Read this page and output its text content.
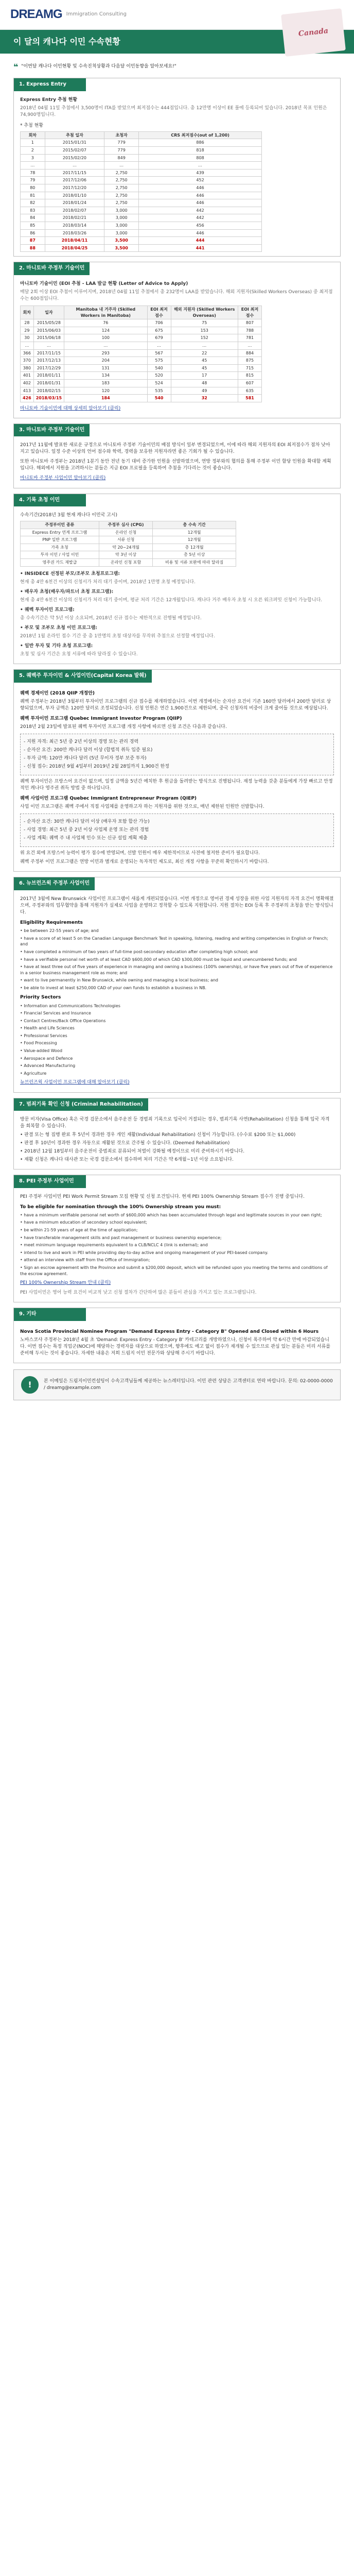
DREAMG Immigration Consulting
이 달의 캐나다 이민 수속현황
Canada
❝ "이번달 캐나다 이민현황 및 수속진척상황과 다음달 이민동향을 알아보세요!"
1. Express Entry

Express Entry 추첨 현황

2018년 04월 11일 추첨에서 3,500명이 ITA를 받았으며 최저점수는 444점입니다. 총 12만명 이상이 EE 풀에 등록되어 있습니다. 2018년 목표 인원은 74,900명입니다.

* 추첨 현황

회차	추첨 일자	초청자	CRS 최저점수(out of 1,200)
1	2015/01/31	779	886
2	2015/02/07	779	818
3	2015/02/20	849	808
…	…	…	…
78	2017/11/15	2,750	439
79	2017/12/06	2,750	452
80	2017/12/20	2,750	446
81	2018/01/10	2,750	446
82	2018/01/24	2,750	446
83	2018/02/07	3,000	442
84	2018/02/21	3,000	442
85	2018/03/14	3,000	456
86	2018/03/26	3,000	446
87	2018/04/11	3,500	444
88	2018/04/25	3,500	441
2. 마니토바 주정부 기술이민

마니토바 기술이민 (EOI 추첨 - LAA 발급 현황 (Letter of Advice to Apply)

매달 2회 이상 EOI 추첨이 이루어지며, 2018년 04월 11일 추첨에서 총 232명이 LAA를 받았습니다. 해외 지원자(Skilled Workers Overseas) 중 최저점수는 600점입니다.

회차	일자	Manitoba 내 거주자 (Skilled Workers in Manitoba)	EOI 최저점수	해외 지원자 (Skilled Workers Overseas)	EOI 최저점수
28	2015/05/28	76	706	75	807
29	2015/06/03	124	675	153	788
30	2015/06/18	100	679	152	781
…	…	…	…	…	…
366	2017/11/15	293	567	22	884
370	2017/12/13	204	575	45	875
380	2017/12/29	131	540	45	715
401	2018/01/11	134	520	17	815
402	2018/01/31	183	524	48	607
413	2018/02/15	120	535	49	635
426	2018/03/15	184	540	32	581

마니토바 기술이민에 대해 상세히 알아보기 (클릭)

3. 마니토바 주정부 기술이민

2017년 11월에 발표한 새로운 규정으로 마니토바 주정부 기술이민의 배점 방식이 일부 변경되었으며, 이에 따라 해외 지원자의 EOI 최저점수가 점차 낮아지고 있습니다. 일정 수준 이상의 언어 점수와 학력, 경력을 보유한 지원자라면 좋은 기회가 될 수 있습니다.

또한 마니토바 주정부는 2018년 1분기 동안 전년 동기 대비 증가한 인원을 선발하였으며, 연방 정부와의 협의를 통해 주정부 이민 할당 인원을 확대할 계획입니다. 해외에서 지원을 고려하시는 분들은 지금 EOI 프로필을 등록하여 추첨을 기다리는 것이 좋습니다.

마니토바 주정부 사업이민 알아보기 (클릭)

4. 기록 초청 이민

수속기간(2018년 3월 현재 캐나다 이민국 고시)

주정부이민 종류	주정부 심사 (CPG)	총 수속 기간
Express Entry 연계 프로그램	온라인 신청	12개월
PNP 일반 프로그램	서류 신청	12개월
가족 초청	약 20~24개월	총 12개월
투자 이민 / 사업 이민	약 3년 이상	총 5년 이상
영주권 카드 재발급	온라인 신청 포함	비용 및 서류 보완에 따라 달라짐

• INSIDECE 선정된 부모/조부모 초청프로그램:

현재 총 4만 6천건 이상의 신청서가 처리 대기 중이며, 2018년 1만명 초청 예정입니다.

• 배우자 초청(배우자/파트너 초청 프로그램):

현재 총 4만 6천건 이상의 신청서가 처리 대기 중이며, 평균 처리 기간은 12개월입니다. 캐나다 거주 배우자 초청 시 오픈 워크퍼밋 신청이 가능합니다.

• 퀘벡 투자이민 프로그램:

총 수속기간은 약 5년 이상 소요되며, 2018년 신규 접수는 제한적으로 진행될 예정입니다.

• 부모 및 조부모 초청 이민 프로그램:

2018년 1월 온라인 접수 기간 중 총 1만명의 초청 대상자를 무작위 추첨으로 선정할 예정입니다.

• 일반 투자 및 기타 초청 프로그램:

초청 및 심사 기간은 요청 서류에 따라 달라질 수 있습니다.

5. 퀘벡주 투자이민 & 사업이민(Capital Korea 발췌)
퀘벡 경제이민 (2018 QIIP 개정안)

퀘벡 주정부는 2018년 3월부터 투자이민 프로그램의 신규 접수를 재개하였습니다. 이번 개정에서는 순자산 요건이 기존 160만 달러에서 200만 달러로 상향되었으며, 투자 금액은 120만 달러로 조정되었습니다. 신청 인원은 연간 1,900건으로 제한되며, 중국 신청자의 비중이 크게 줄어들 것으로 예상됩니다.

퀘벡 투자이민 프로그램 Quebec Immigrant Investor Program (QIIP)

2018년 2월 23일에 발표된 퀘벡 투자이민 프로그램 개정 사항에 따르면 신청 조건은 다음과 같습니다.

- 지원 자격: 최근 5년 중 2년 이상의 경영 또는 관리 경력

- 순자산 요건: 200만 캐나다 달러 이상 (합법적 취득 입증 필요)

- 투자 금액: 120만 캐나다 달러 (5년 무이자 정부 보증 투자)

- 신청 접수: 2018년 9월 4일부터 2019년 2월 28일까지 1,900건 한정

퀘벡 투자이민은 프랑스어 요건이 없으며, 일정 금액을 5년간 예치한 후 원금을 돌려받는 방식으로 진행됩니다. 재정 능력을 갖춘 분들에게 가장 빠르고 안정적인 캐나다 영주권 취득 방법 중 하나입니다.

퀘벡 사업이민 프로그램 Quebec Immigrant Entrepreneur Program (QIEP)

사업 이민 프로그램은 퀘벡 주에서 직접 사업체를 운영하고자 하는 지원자를 위한 것으로, 매년 제한된 인원만 선발합니다.

- 순자산 요건: 30만 캐나다 달러 이상 (배우자 포함 합산 가능)

- 사업 경영: 최근 5년 중 2년 이상 사업체 운영 또는 관리 경험

- 사업 계획: 퀘벡 주 내 사업체 인수 또는 신규 설립 계획 제출

위 요건 외에 프랑스어 능력이 평가 점수에 반영되며, 선발 인원이 매우 제한적이므로 사전에 철저한 준비가 필요합니다.

퀘벡 주정부 이민 프로그램은 연방 이민과 별개로 운영되는 독자적인 제도로, 최신 개정 사항을 꾸준히 확인하시기 바랍니다.

6. 뉴브런즈윅 주정부 사업이민

2017년 3월에 New Brunswick 사업이민 프로그램이 새롭게 개편되었습니다. 이번 개정으로 영어권 경제 성장을 위한 사업 지원자의 자격 요건이 명확해졌으며, 주정부와의 업무협약을 통해 지원자가 실제로 사업을 운영하고 정착할 수 있도록 지원합니다. 지원 절차는 EOI 등록 후 주정부의 초청을 받는 방식입니다.

Eligibility Requirements

• be between 22-55 years of age; and

• have a score of at least 5 on the Canadian Language Benchmark Test in speaking, listening, reading and writing competencies in English or French; and

• have completed a minimum of two years of full-time post-secondary education after completing high school; and

• have a verifiable personal net worth of at least CAD $600,000 of which CAD $300,000 must be liquid and unencumbered funds; and

• have at least three out of five years of experience in managing and owning a business (100% ownership), or have five years out of five of experience in a senior business management role as more; and

• want to live permanently in New Brunswick, while owning and managing a local business; and

• be able to invest at least $250,000 CAD of your own funds to establish a business in NB.

Priority Sectors

• Information and Communications Technologies

• Financial Services and Insurance

• Contact Centres/Back Office Operations

• Health and Life Sciences

• Professional Services

• Food Processing

• Value-added Wood

• Aerospace and Defence

• Advanced Manufacturing

• Agriculture

뉴브런즈윅 사업이민 프로그램에 대해 알아보기 (클릭)

7. 범죄기록 확인 신청 (Criminal Rehabilitation)

방문 비자(Visa Office) 혹은 국경 검문소에서 음주운전 등 경범죄 기록으로 입국이 거절되는 경우, 범죄기록 사면(Rehabilitation) 신청을 통해 입국 자격을 회복할 수 있습니다.

• 판결 또는 형 집행 완료 후 5년이 경과한 경우 개인 재활(Individual Rehabilitation) 신청이 가능합니다. (수수료 $200 또는 $1,000)

• 판결 후 10년이 경과한 경우 자동으로 재활된 것으로 간주될 수 있습니다. (Deemed Rehabilitation)

• 2018년 12월 18일부터 음주운전이 중범죄로 분류되어 처벌이 강화될 예정이므로 미리 준비하시기 바랍니다.

• 재활 신청은 캐나다 대사관 또는 국경 검문소에서 접수하며 처리 기간은 약 6개월~1년 이상 소요됩니다.

8. PEI 주정부 사업이민

PEI 주정부 사업이민 PEI Work Permit Stream 모집 현황 및 신청 조건입니다. 현재 PEI 100% Ownership Stream 접수가 진행 중입니다.

To be eligible for nomination through the 100% Ownership stream you must:

• have a minimum verifiable personal net worth of $600,000 which has been accumulated through legal and legitimate sources in your own right;

• have a minimum education of secondary school equivalent;

• be within 21-59 years of age at the time of application;

• have transferable management skills and past management or business ownership experience;

• meet minimum language requirements equivalent to a CLB/NCLC 4 (link is external); and

• intend to live and work in PEI while providing day-to-day active and ongoing management of your PEI-based company.

• attend an interview with staff from the Office of Immigration;

• Sign an escrow agreement with the Province and submit a $200,000 deposit, which will be refunded upon you meeting the terms and conditions of the escrow agreement.

PEI 100% Ownership Stream 안내 (클릭)

PEI 사업이민은 영어 능력 요건이 비교적 낮고 신청 절차가 간단하여 많은 분들이 관심을 가지고 있는 프로그램입니다.

9. 기타
Nova Scotia Provincial Nominee Program "Demand Express Entry - Category B" Opened and Closed within 6 Hours

노바스코샤 주정부는 2018년 4월 초 'Demand: Express Entry - Category B' 카테고리를 개방하였으나, 신청이 폭주하여 약 6시간 만에 마감되었습니다. 이번 접수는 특정 직업군(NOC)에 해당하는 경력자를 대상으로 하였으며, 향후에도 예고 없이 접수가 재개될 수 있으므로 관심 있는 분들은 미리 서류를 준비해 두시는 것이 좋습니다. 자세한 내용은 저희 드림지 이민 전문가와 상담해 주시기 바랍니다.

!	본 이메일은 드림지이민컨설팅이 수속고객님들께 제공하는 뉴스레터입니다. 이민 관련 상담은 고객센터로 연락 바랍니다. 문의: 02-0000-0000 / dreamg@example.com
